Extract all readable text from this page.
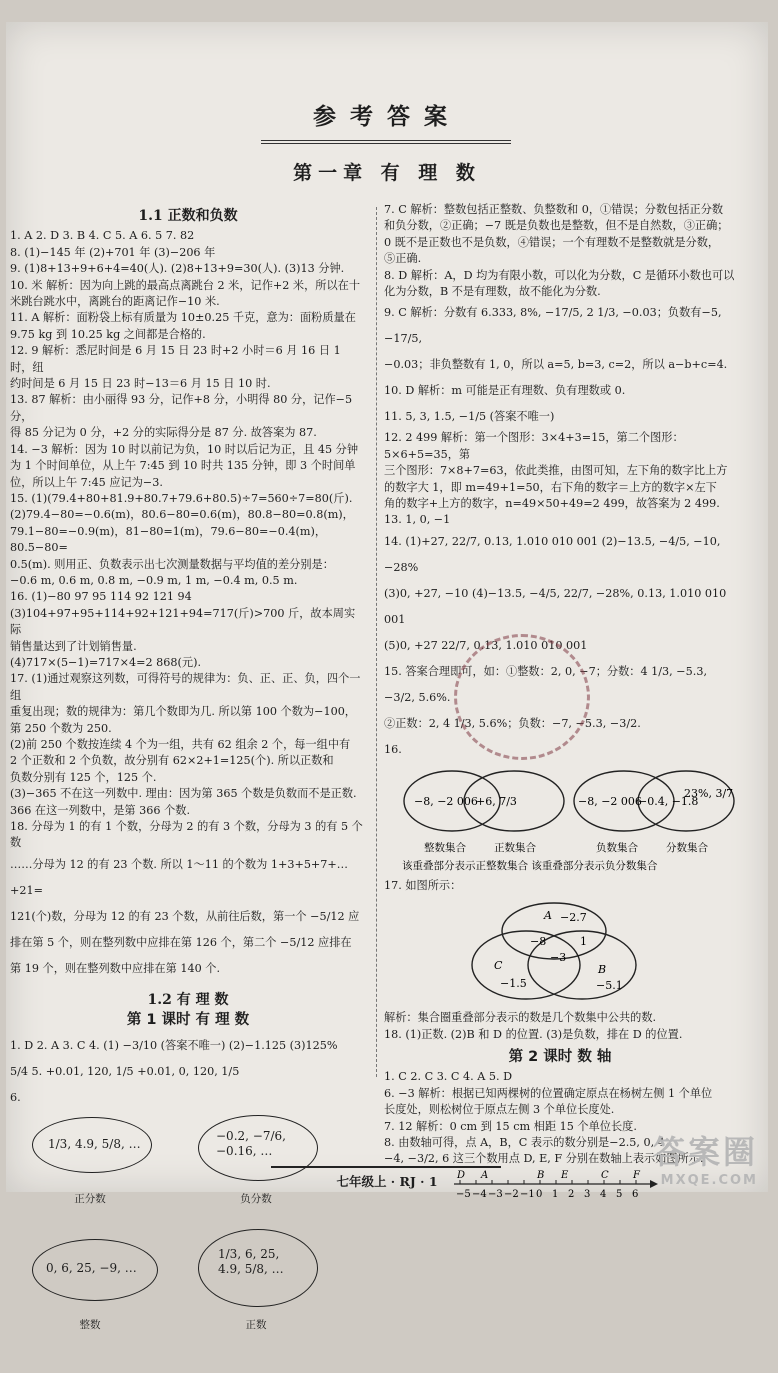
参考答案
第一章 有 理 数
1.1 正数和负数

1. A 2. D 3. B 4. C 5. A 6. 5 7. 82

8. (1)−145 年 (2)+701 年 (3)−206 年

9. (1)8+13+9+6+4=40(人). (2)8+13+9=30(人). (3)13 分钟.

10. 米 解析：因为向上跳的最高点离跳台 2 米，记作+2 米，所以在十

米跳台跳水中，离跳台的距离记作−10 米.

11. A 解析：面粉袋上标有质量为 10±0.25 千克，意为：面粉质量在

9.75 kg 到 10.25 kg 之间都是合格的.

12. 9 解析：悉尼时间是 6 月 15 日 23 时+2 小时＝6 月 16 日 1 时，纽

约时间是 6 月 15 日 23 时−13＝6 月 15 日 10 时.

13. 87 解析：由小丽得 93 分，记作+8 分，小明得 80 分，记作−5 分，

得 85 分记为 0 分，+2 分的实际得分是 87 分. 故答案为 87.

14. −3 解析：因为 10 时以前记为负，10 时以后记为正，且 45 分钟

为 1 个时间单位，从上午 7:45 到 10 时共 135 分钟，即 3 个时间单

位，所以上午 7:45 应记为−3.

15. (1)(79.4+80+81.9+80.7+79.6+80.5)÷7=560÷7=80(斤).

(2)79.4−80=−0.6(m)，80.6−80=0.6(m)，80.8−80=0.8(m)，

79.1−80=−0.9(m)，81−80=1(m)，79.6−80=−0.4(m)，80.5−80=

0.5(m). 则用正、负数表示出七次测量数据与平均值的差分别是：

−0.6 m, 0.6 m, 0.8 m, −0.9 m, 1 m, −0.4 m, 0.5 m.

16. (1)−80 97 95 114 92 121 94

(3)104+97+95+114+92+121+94=717(斤)>700 斤，故本周实际

销售量达到了计划销售量.

(4)717×(5−1)=717×4=2 868(元).

17. (1)通过观察这列数，可得符号的规律为：负、正、正、负，四个一组

重复出现；数的规律为：第几个数即为几. 所以第 100 个数为−100，

第 250 个数为 250.

(2)前 250 个数按连续 4 个为一组，共有 62 组余 2 个，每一组中有

2 个正数和 2 个负数，故分别有 62×2+1=125(个). 所以正数和

负数分别有 125 个，125 个.

(3)−365 不在这一列数中. 理由：因为第 365 个数是负数而不是正数.

366 在这一列数中，是第 366 个数.

18. 分母为 1 的有 1 个数，分母为 2 的有 3 个数，分母为 3 的有 5 个数

……分母为 12 的有 23 个数. 所以 1～11 的个数为 1+3+5+7+…+21=

121(个)数，分母为 12 的有 23 个数，从前往后数，第一个 −5/12 应

排在第 5 个，则在整列数中应排在第 126 个，第二个 −5/12 应排在

第 19 个，则在整列数中应排在第 140 个.

1.2 有 理 数
第 1 课时 有 理 数

1. D 2. A 3. C 4. (1) −3/10 (答案不唯一) (2)−1.125 (3)125%

5/4 5. +0.01, 120, 1/5 +0.01, 0, 120, 1/5

6.

1/3, 4.9, 5/8, …
正分数
−0.2, −7/6, −0.16, …
负分数
0, 6, 25, −9, …
整数
1/3, 6, 25, 4.9, 5/8, …
正数

7. C 解析：整数包括正整数、负整数和 0，①错误；分数包括正分数

和负分数，②正确；−7 既是负数也是整数，但不是自然数，③正确；

0 既不是正数也不是负数，④错误；一个有理数不是整数就是分数，

⑤正确.

8. D 解析：A，D 均为有限小数，可以化为分数，C 是循环小数也可以

化为分数，B 不是有理数，故不能化为分数.

9. C 解析：分数有 6.333, 8%, −17/5, 2 1/3, −0.03；负数有−5, −17/5,

−0.03；非负整数有 1, 0，所以 a=5, b=3, c=2，所以 a−b+c=4.

10. D 解析：m 可能是正有理数、负有理数或 0.

11. 5, 3, 1.5, −1/5 (答案不唯一)

12. 2 499 解析：第一个图形：3×4+3=15，第二个图形：5×6+5=35，第

三个图形：7×8+7=63，依此类推，由图可知，左下角的数字比上方

的数字大 1，即 m=49+1=50，右下角的数字＝上方的数字×左下

角的数字+上方的数字，n=49×50+49=2 499，故答案为 2 499.

13. 1, 0, −1

14. (1)+27, 22/7, 0.13, 1.010 010 001 (2)−13.5, −4/5, −10, −28%

(3)0, +27, −10 (4)−13.5, −4/5, 22/7, −28%, 0.13, 1.010 010 001

(5)0, +27 22/7, 0.13, 1.010 010 001

15. 答案合理即可，如：①整数：2, 0, −7；分数：4 1/3, −5.3, −3/2, 5.6%.

②正数：2, 4 1/3, 5.6%；负数：−7, −5.3, −3/2.

16.

−8, −2 006
+6, 7/3	−8, −2 006
−0.4, −1.8
23%, 3/7
整数集合	正数集合	负数集合	分数集合
该重叠部分表示正整数集合 该重叠部分表示负分数集合

17. 如图所示：

A −2.7
−8
−3
1
C
−1.5
B
−5.1

解析：集合圈重叠部分表示的数是几个数集中公共的数.

18. (1)正数. (2)B 和 D 的位置. (3)是负数，排在 D 的位置.

第 2 课时 数 轴

1. C 2. C 3. C 4. A 5. D

6. −3 解析：根据已知两棵树的位置确定原点在杨树左侧 1 个单位

长度处，则松树位于原点左侧 3 个单位长度处.

7. 12 解析：0 cm 到 15 cm 相距 15 个单位长度.

8. 由数轴可得，点 A，B，C 表示的数分别是−2.5, 0, 4.

−4, −3/2, 6 这三个数用点 D, E, F 分别在数轴上表示如图所示.

−5 −4 −3 −2 −1 0 1 2 3 4 5 6
D A	B E	C F
七年级上 · RJ · 1
答案圈
MXQE.COM
